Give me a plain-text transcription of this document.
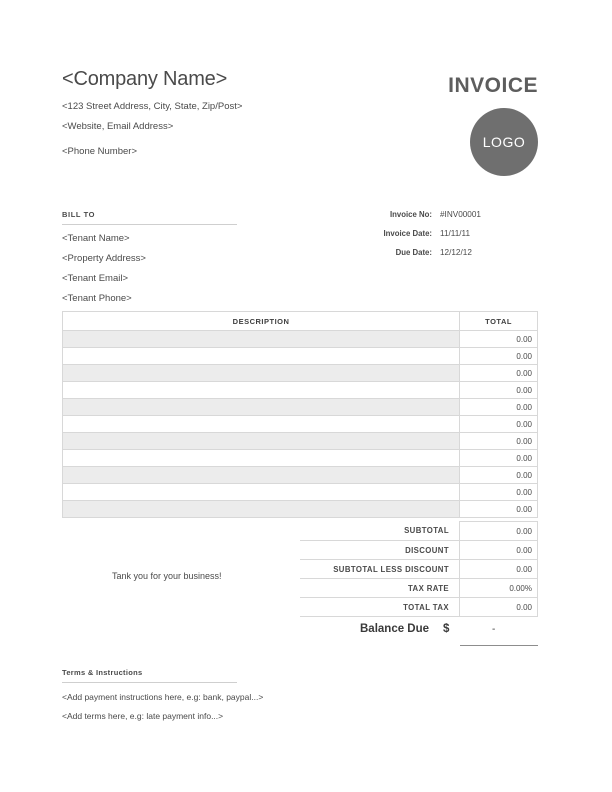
<Company Name>
<123 Street Address, City, State, Zip/Post>
<Website, Email Address>
<Phone Number>
INVOICE
LOGO
BILL TO
<Tenant Name>
<Property Address>
<Tenant Email>
<Tenant Phone>
Invoice No: #INV00001
Invoice Date: 11/11/11
Due Date: 12/12/12
DESCRIPTION	TOTAL
	0.00
	0.00
	0.00
	0.00
	0.00
	0.00
	0.00
	0.00
	0.00
	0.00
	0.00
Tank you for your business!
SUBTOTAL	0.00
DISCOUNT	0.00
SUBTOTAL LESS DISCOUNT	0.00
TAX RATE	0.00%
TOTAL TAX	0.00
Balance Due $	-
Terms & Instructions
<Add payment instructions here, e.g: bank, paypal...>
<Add terms here, e.g: late payment info...>
